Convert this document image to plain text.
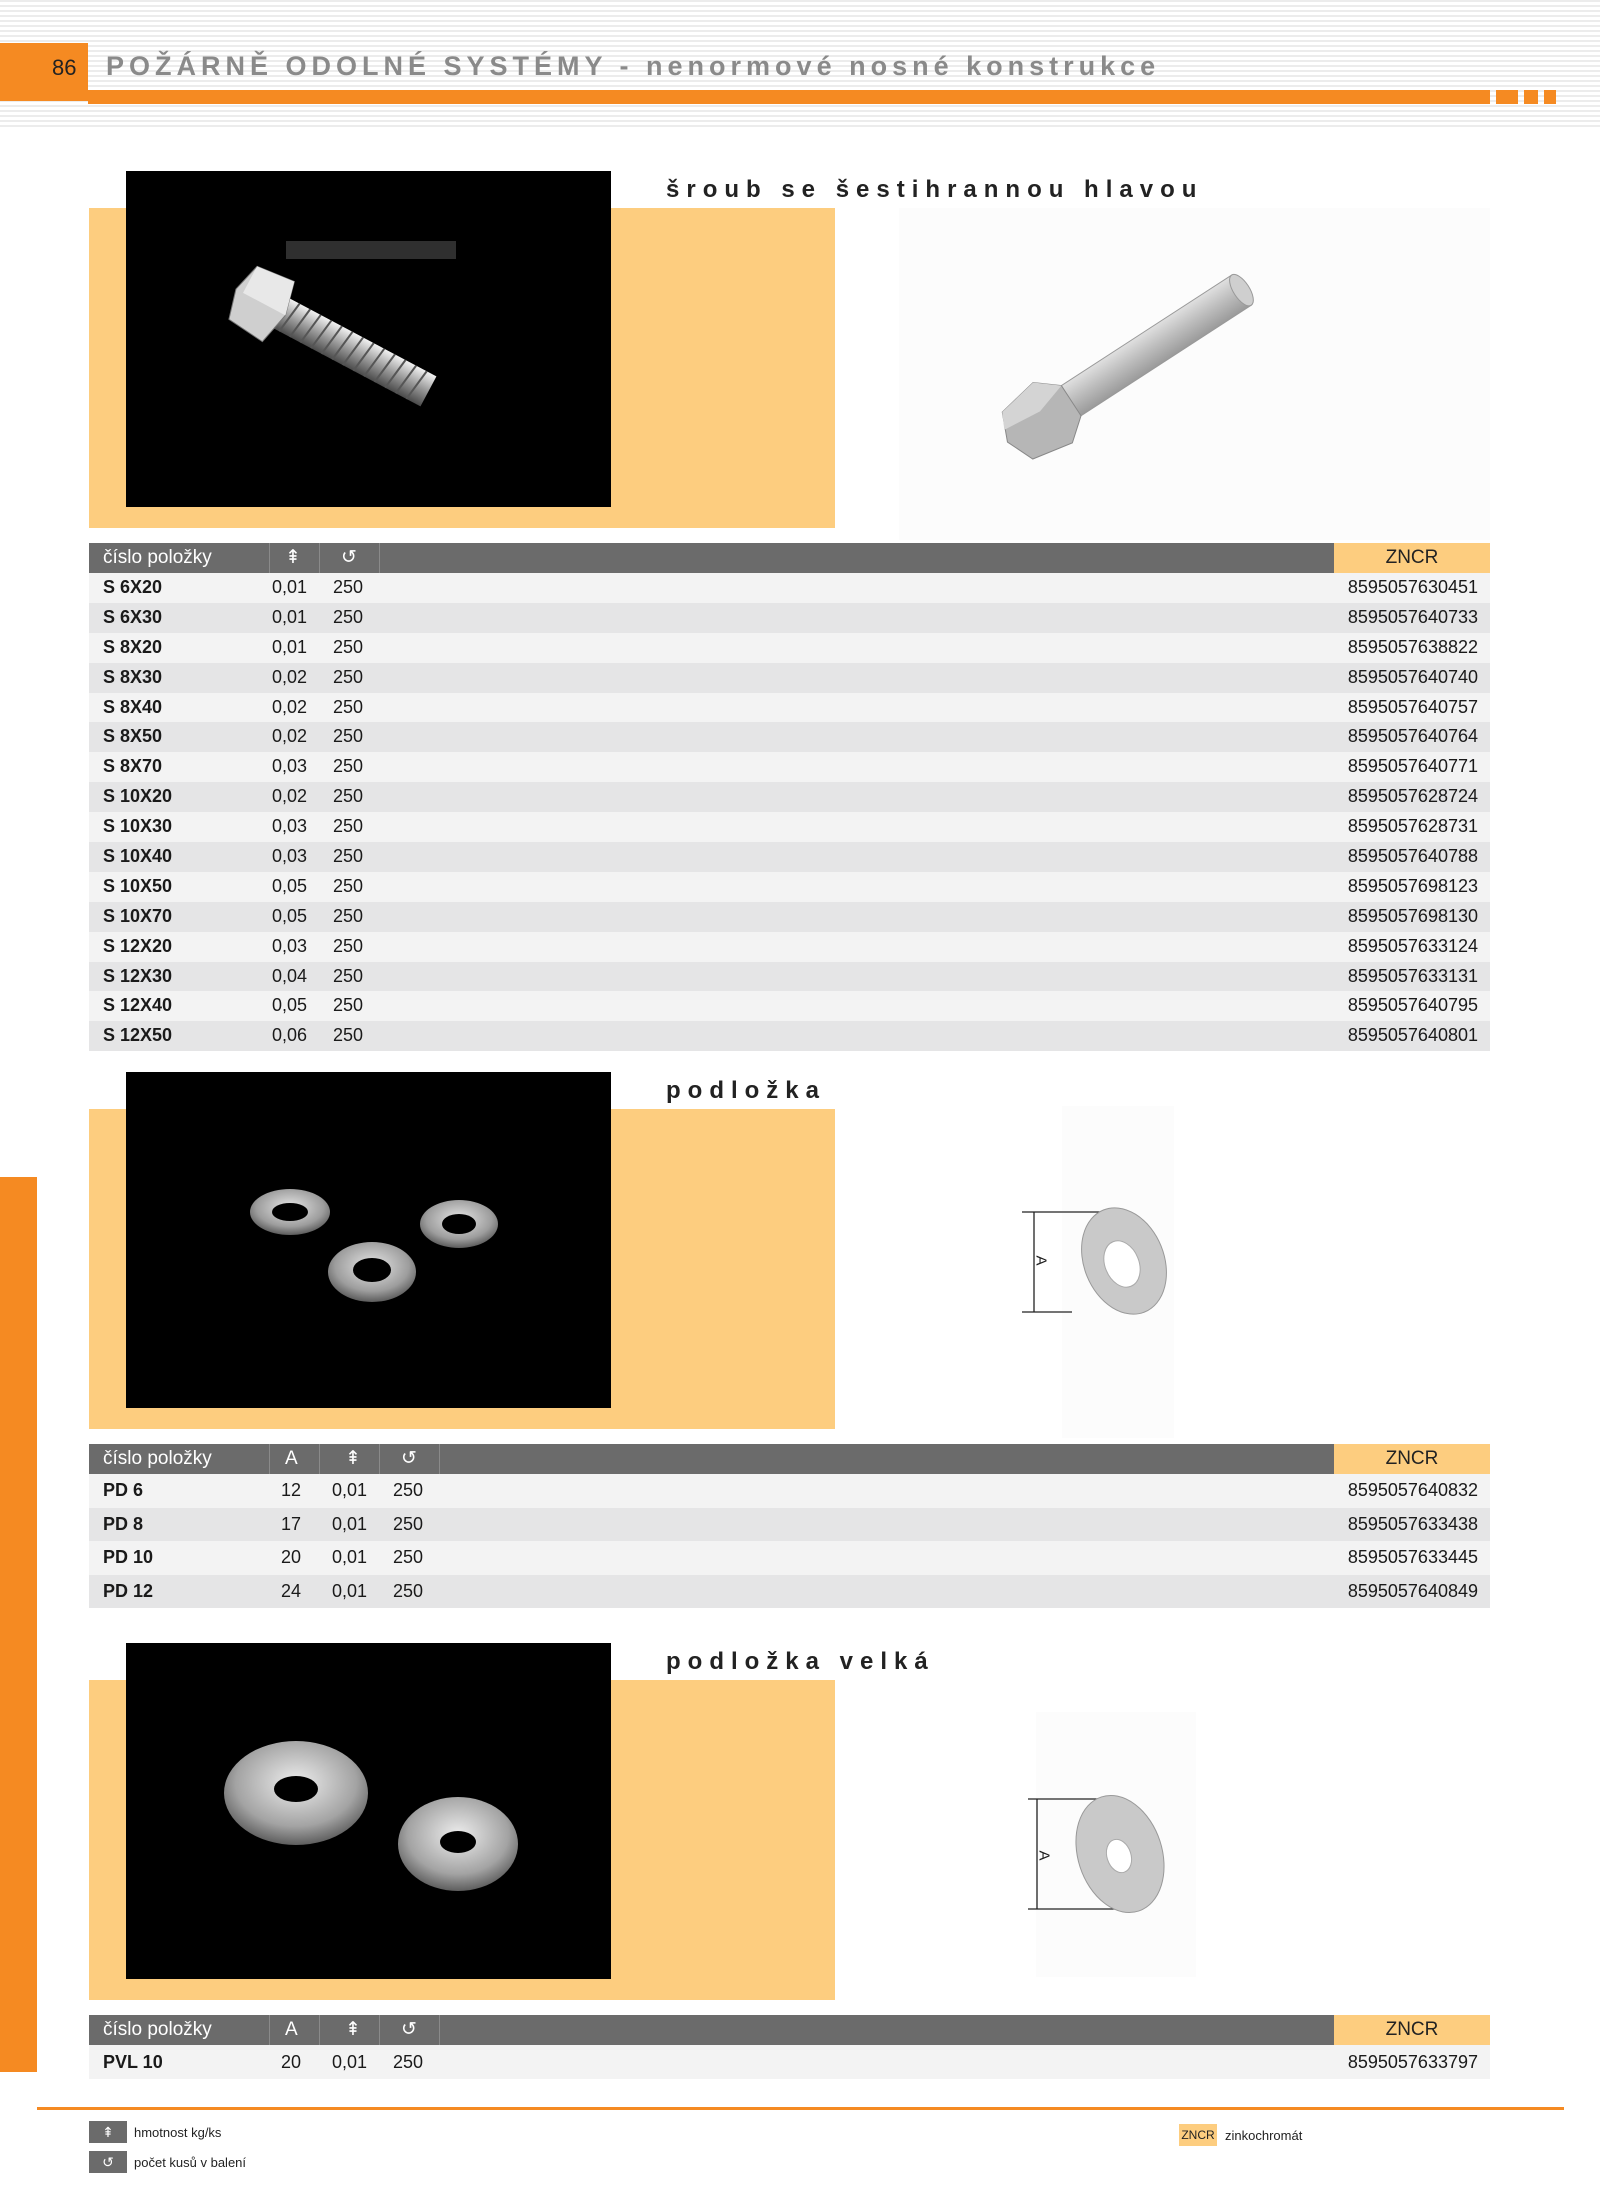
86 POŽÁRNĚ ODOLNÉ SYSTÉMY - nenormové nosné konstrukce
šroub se šestihrannou hlavou
číslo položky	⇞ ↺	ZNCR
S 6X20	0,01 250	8595057630451
S 6X30	0,01 250	8595057640733
S 8X20	0,01 250	8595057638822
S 8X30	0,02 250	8595057640740
S 8X40	0,02 250	8595057640757
S 8X50	0,02 250	8595057640764
S 8X70	0,03 250	8595057640771
S 10X20	0,02 250	8595057628724
S 10X30	0,03 250	8595057628731
S 10X40	0,03 250	8595057640788
S 10X50	0,05 250	8595057698123
S 10X70	0,05 250	8595057698130
S 12X20	0,03 250	8595057633124
S 12X30	0,04 250	8595057633131
S 12X40	0,05 250	8595057640795
S 12X50	0,06 250	8595057640801
podložka
A
číslo položky	A ⇞ ↺	ZNCR
PD 6	12 0,01 250	8595057640832
PD 8	17 0,01 250	8595057633438
PD 10	20 0,01 250	8595057633445
PD 12	24 0,01 250	8595057640849
podložka velká
A
číslo položky	A ⇞ ↺	ZNCR
PVL 10	20 0,01 250	8595057633797
⇞	hmotnost kg/ks
↺	počet kusů v balení
ZNCR zinkochromát
